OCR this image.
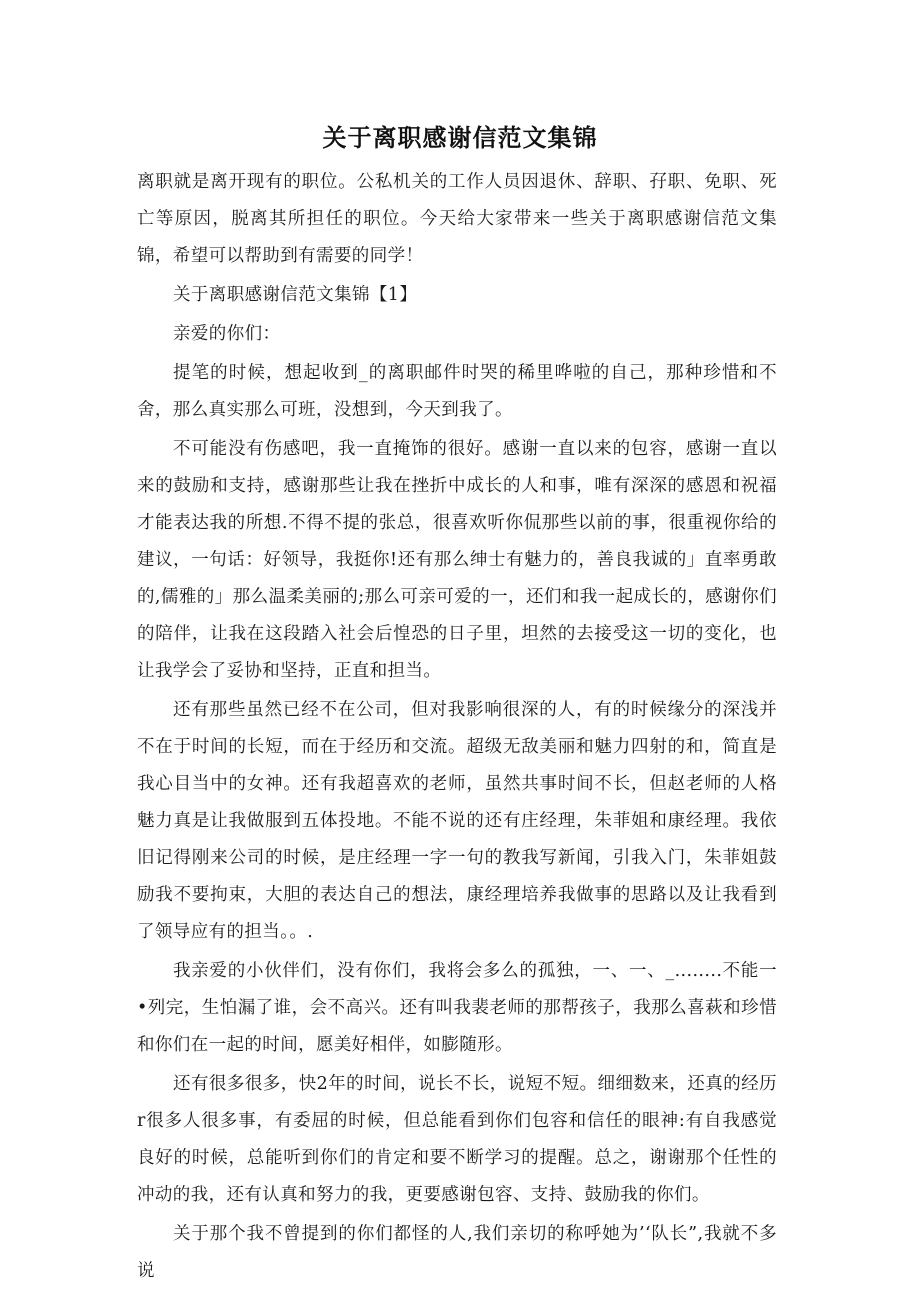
关于离职感谢信范文集锦

离职就是离开现有的职位。公私机关的工作人员因退休、辞职、孖职、免职、死亡等原因，脱离其所担任的职位。今天给大家带来一些关于离职感谢信范文集锦，希望可以帮助到有需要的同学！

关于离职感谢信范文集锦【1】

亲爱的你们：

提笔的时候，想起收到_的离职邮件时哭的稀里哗啦的自己，那种珍惜和不舍，那么真实那么可班，没想到，今天到我了。

不可能没有伤感吧，我一直掩饰的很好。感谢一直以来的包容，感谢一直以来的鼓励和支持，感谢那些让我在挫折中成长的人和事，唯有深深的感恩和祝福才能表达我的所想.不得不提的张总，很喜欢听你侃那些以前的事，很重视你给的建议，一句话：好领导，我挺你!还有那么绅士有魅力的，善良我诚的」直率勇敢的,儒雅的」那么温柔美丽的;那么可亲可爱的一，还们和我一起成长的，感谢你们的陪伴，让我在这段踏入社会后惶恐的日子里，坦然的去接受这一切的变化，也让我学会了妥协和坚持，正直和担当。

还有那些虽然已经不在公司，但对我影响很深的人，有的时候缘分的深浅并不在于时间的长短，而在于经历和交流。超级无敌美丽和魅力四射的和，简直是我心目当中的女神。还有我超喜欢的老师，虽然共事时间不长，但赵老师的人格魅力真是让我做服到五体投地。不能不说的还有庄经理，朱菲姐和康经理。我依旧记得刚来公司的时候，是庄经理一字一句的教我写新闻，引我入门，朱菲姐鼓励我不要拘束，大胆的表达自己的想法，康经理培养我做事的思路以及让我看到了领导应有的担当。。.

我亲爱的小伙伴们，没有你们，我将会多么的孤独，一、一、_........不能一•列完，生怕漏了谁，会不高兴。还有叫我裴老师的那帮孩子，我那么喜萩和珍惜和你们在一起的时间，愿美好相伴，如膨随形。

还有很多很多，快2年的时间，说长不长，说短不短。细细数来，还真的经历r很多人很多事，有委屈的时候，但总能看到你们包容和信任的眼神:有自我感觉良好的时候，总能听到你们的肯定和要不断学习的提醒。总之，谢谢那个任性的冲动的我，还有认真和努力的我，更要感谢包容、支持、鼓励我的你们。

关于那个我不曾提到的你们都怪的人,我们亲切的称呼她为’‘队长”,我就不多说
